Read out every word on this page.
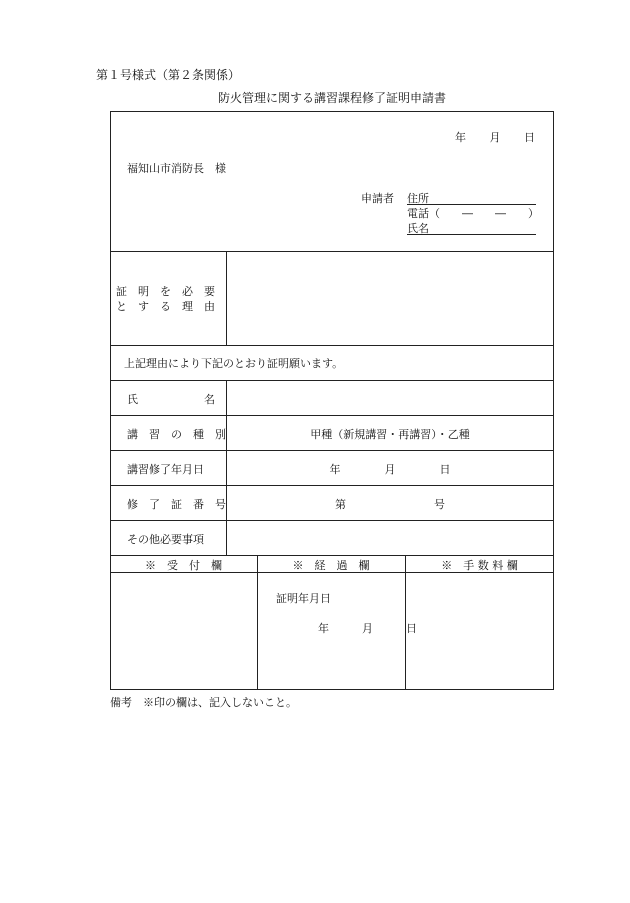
第１号様式（第２条関係）
防火管理に関する講習課程修了証明申請書
年 月 日
福知山市消防長　様
申請者 住所
電話（　　―　　―　　）
氏名
証　明　を　必　要
と　す　る　理　由
上記理由により下記のとおり証明願います。
氏　　　　　　名
講　習　の　種　別	甲種（新規講習・再講習）・乙種
講習修了年月日	年　　　　月　　　　日
修　了　証　番　号	第　　　　　　　　号
その他必要事項
※　受　付　欄	※　経　過　欄	※　手 数 料 欄
証明年月日
年　　　月　　　日
備考　※印の欄は、記入しないこと。
